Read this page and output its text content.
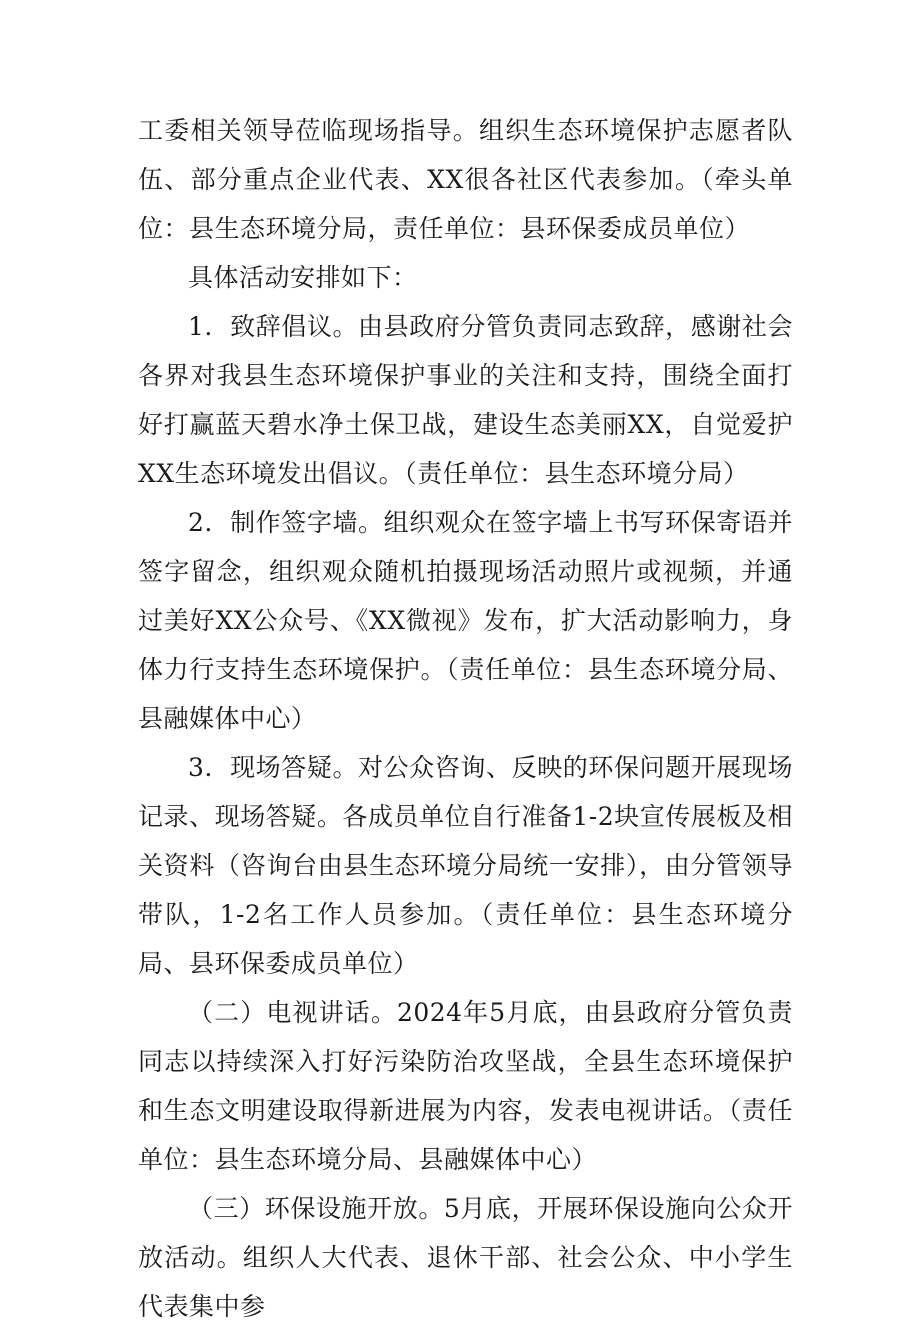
工委相关领导莅临现场指导。组织生态环境保护志愿者队伍、部分重点企业代表、XX很各社区代表参加。（牵头单位：县生态环境分局，责任单位：县环保委成员单位）

具体活动安排如下：

1．致辞倡议。由县政府分管负责同志致辞，感谢社会各界对我县生态环境保护事业的关注和支持，围绕全面打好打赢蓝天碧水净土保卫战，建设生态美丽XX，自觉爱护XX生态环境发出倡议。（责任单位：县生态环境分局）

2．制作签字墙。组织观众在签字墙上书写环保寄语并签字留念，组织观众随机拍摄现场活动照片或视频，并通过美好XX公众号、《XX微视》发布，扩大活动影响力，身体力行支持生态环境保护。（责任单位：县生态环境分局、县融媒体中心）

3．现场答疑。对公众咨询、反映的环保问题开展现场记录、现场答疑。各成员单位自行准备1-2块宣传展板及相关资料（咨询台由县生态环境分局统一安排），由分管领导带队，1-2名工作人员参加。（责任单位：县生态环境分局、县环保委成员单位）

（二）电视讲话。2024年5月底，由县政府分管负责同志以持续深入打好污染防治攻坚战，全县生态环境保护和生态文明建设取得新进展为内容，发表电视讲话。（责任单位：县生态环境分局、县融媒体中心）

（三）环保设施开放。5月底，开展环保设施向公众开放活动。组织人大代表、退休干部、社会公众、中小学生代表集中参
